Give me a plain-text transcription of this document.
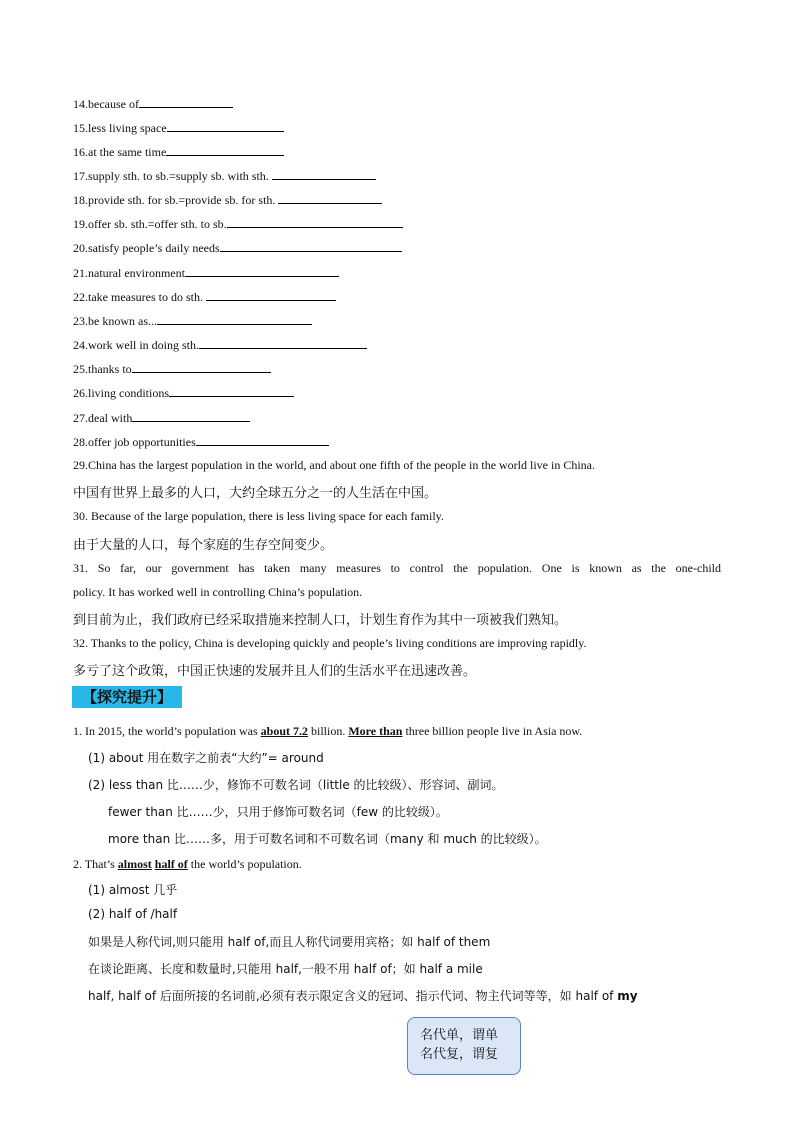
14.because of
15.less living space
16.at the same time
17.supply sth. to sb.=supply sb. with sth.
18.provide sth. for sb.=provide sb. for sth.
19.offer sb. sth.=offer sth. to sb.
20.satisfy people’s daily needs
21.natural environment
22.take measures to do sth.
23.be known as...
24.work well in doing sth.
25.thanks to
26.living conditions
27.deal with
28.offer job opportunities
29.China has the largest population in the world, and about one fifth of the people in the world live in China.
中国有世界上最多的人口，大约全球五分之一的人生活在中国。
30. Because of the large population, there is less living space for each family.
由于大量的人口，每个家庭的生存空间变少。
31. So far, our government has taken many measures to control the population. One is known as the one-child
policy. It has worked well in controlling China’s population.
到目前为止，我们政府已经采取措施来控制人口，计划生育作为其中一项被我们熟知。
32. Thanks to the policy, China is developing quickly and people’s living conditions are improving rapidly.
多亏了这个政策，中国正快速的发展并且人们的生活水平在迅速改善。
【探究提升】
1. In 2015, the world’s population was about 7.2 billion. More than three billion people live in Asia now.
(1) about 用在数字之前表“大约”= around
(2) less than 比……少，修饰不可数名词（little 的比较级）、形容词、副词。
fewer than 比……少，只用于修饰可数名词（few 的比较级）。
more than 比……多，用于可数名词和不可数名词（many 和 much 的比较级）。
2. That’s almost half of the world’s population.
(1) almost 几乎
(2) half of /half
如果是人称代词,则只能用 half of,而且人称代词要用宾格；如 half of them
在谈论距离、长度和数量时,只能用 half,一般不用 half of；如 half a mile
half, half of 后面所接的名词前,必须有表示限定含义的冠词、指示代词、物主代词等等，如 half of my
名代单，谓单
名代复，谓复
